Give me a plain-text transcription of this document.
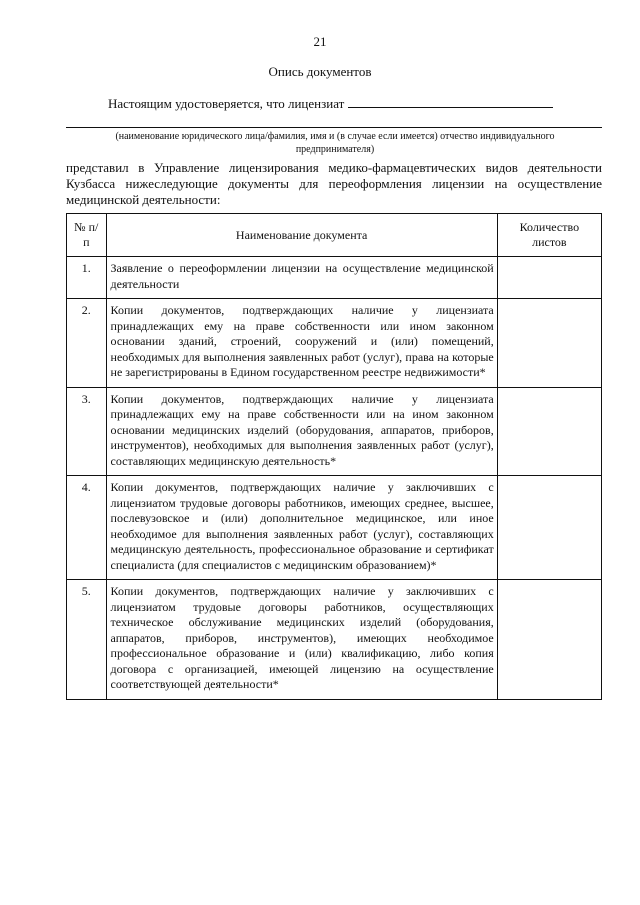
21
Опись документов
Настоящим удостоверяется, что лицензиат
(наименование юридического лица/фамилия, имя и (в случае если имеется) отчество индивидуального предпринимателя)
представил в Управление лицензирования медико-фармацевтических видов деятельности Кузбасса нижеследующие документы для переоформления лицензии на осуществление медицинской деятельности:
№ п/п	Наименование документа	Количество листов
1.	Заявление о переоформлении лицензии на осуществление медицинской деятельности	
2.	Копии документов, подтверждающих наличие у лицензиата принадлежащих ему на праве собственности или ином законном основании зданий, строений, сооружений и (или) помещений, необходимых для выполнения заявленных работ (услуг), права на которые не зарегистрированы в Едином государственном реестре недвижимости*	
3.	Копии документов, подтверждающих наличие у лицензиата принадлежащих ему на праве собственности или на ином законном основании медицинских изделий (оборудования, аппаратов, приборов, инструментов), необходимых для выполнения заявленных работ (услуг), составляющих медицинскую деятельность*	
4.	Копии документов, подтверждающих наличие у заключивших с лицензиатом трудовые договоры работников, имеющих среднее, высшее, послевузовское и (или) дополнительное медицинское, или иное необходимое для выполнения заявленных работ (услуг), составляющих медицинскую деятельность, профессиональное образование и сертификат специалиста (для специалистов с медицинским образованием)*	
5.	Копии документов, подтверждающих наличие у заключивших с лицензиатом трудовые договоры работников, осуществляющих техническое обслуживание медицинских изделий (оборудования, аппаратов, приборов, инструментов), имеющих необходимое профессиональное образование и (или) квалификацию, либо копия договора с организацией, имеющей лицензию на осуществление соответствующей деятельности*	
